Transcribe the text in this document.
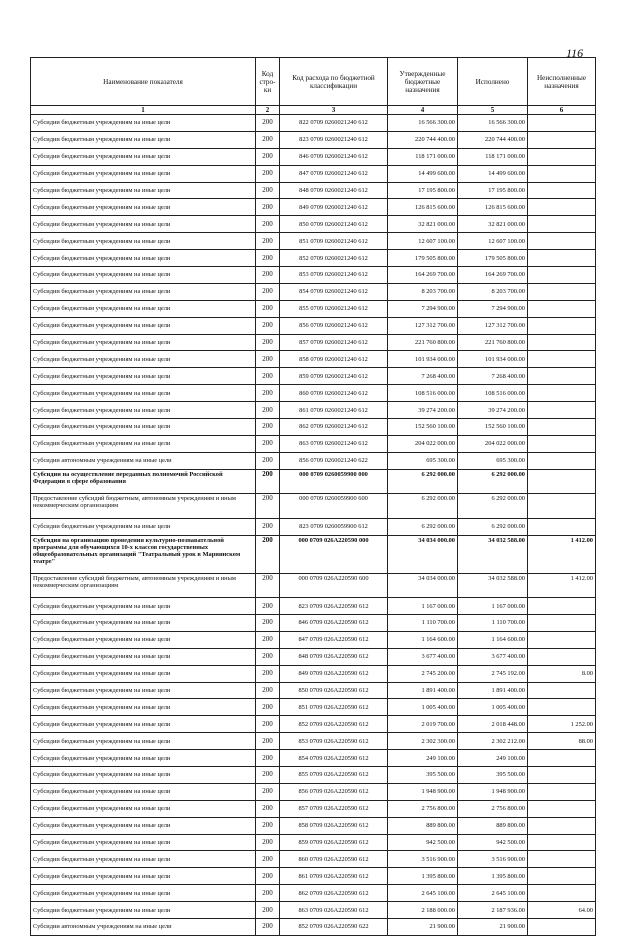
116
Наименование показателя	Код стро-ки	Код расхода по бюджетной классификации	Утвержденные бюджетные назначения	Исполнено	Неисполненные назначения
1	2	3	4	5	6
Субсидии бюджетным учреждениям на иные цели	200	822 0709 0260021240 612	16 566 300.00	16 566 300.00	
Субсидии бюджетным учреждениям на иные цели	200	823 0709 0260021240 612	220 744 400.00	220 744 400.00	
Субсидии бюджетным учреждениям на иные цели	200	846 0709 0260021240 612	118 171 000.00	118 171 000.00	
Субсидии бюджетным учреждениям на иные цели	200	847 0709 0260021240 612	14 499 600.00	14 499 600.00	
Субсидии бюджетным учреждениям на иные цели	200	848 0709 0260021240 612	17 195 800.00	17 195 800.00	
Субсидии бюджетным учреждениям на иные цели	200	849 0709 0260021240 612	126 815 600.00	126 815 600.00	
Субсидии бюджетным учреждениям на иные цели	200	850 0709 0260021240 612	32 821 000.00	32 821 000.00	
Субсидии бюджетным учреждениям на иные цели	200	851 0709 0260021240 612	12 607 100.00	12 607 100.00	
Субсидии бюджетным учреждениям на иные цели	200	852 0709 0260021240 612	179 505 800.00	179 505 800.00	
Субсидии бюджетным учреждениям на иные цели	200	853 0709 0260021240 612	164 269 700.00	164 269 700.00	
Субсидии бюджетным учреждениям на иные цели	200	854 0709 0260021240 612	8 203 700.00	8 203 700.00	
Субсидии бюджетным учреждениям на иные цели	200	855 0709 0260021240 612	7 294 900.00	7 294 900.00	
Субсидии бюджетным учреждениям на иные цели	200	856 0709 0260021240 612	127 312 700.00	127 312 700.00	
Субсидии бюджетным учреждениям на иные цели	200	857 0709 0260021240 612	221 760 800.00	221 760 800.00	
Субсидии бюджетным учреждениям на иные цели	200	858 0709 0260021240 612	101 934 000.00	101 934 000.00	
Субсидии бюджетным учреждениям на иные цели	200	859 0709 0260021240 612	7 268 400.00	7 268 400.00	
Субсидии бюджетным учреждениям на иные цели	200	860 0709 0260021240 612	108 516 000.00	108 516 000.00	
Субсидии бюджетным учреждениям на иные цели	200	861 0709 0260021240 612	39 274 200.00	39 274 200.00	
Субсидии бюджетным учреждениям на иные цели	200	862 0709 0260021240 612	152 560 100.00	152 560 100.00	
Субсидии бюджетным учреждениям на иные цели	200	863 0709 0260021240 612	204 022 000.00	204 022 000.00	
Субсидии автономным учреждениям на иные цели	200	856 0709 0260021240 622	695 300.00	695 300.00	
Субсидии на осуществление переданных полномочий Российской Федерации в сфере образования	200	000 0709 0260059900 000	6 292 000.00	6 292 000.00	
Предоставление субсидий бюджетным, автономным учреждениям и иным некоммерческим организациям	200	000 0709 0260059900 600	6 292 000.00	6 292 000.00	
Субсидии бюджетным учреждениям на иные цели	200	823 0709 0260059900 612	6 292 000.00	6 292 000.00	
Субсидия на организацию проведения культурно-познавательной программы для обучающихся 10-х классов государственных общеобразовательных организаций "Театральный урок в Мариинском театре"	200	000 0709 026А220590 000	34 034 000.00	34 032 588.00	1 412.00
Предоставление субсидий бюджетным, автономным учреждениям и иным некоммерческим организациям	200	000 0709 026А220590 600	34 034 000.00	34 032 588.00	1 412.00
Субсидии бюджетным учреждениям на иные цели	200	823 0709 026А220590 612	1 167 000.00	1 167 000.00	
Субсидии бюджетным учреждениям на иные цели	200	846 0709 026А220590 612	1 110 700.00	1 110 700.00	
Субсидии бюджетным учреждениям на иные цели	200	847 0709 026А220590 612	1 164 600.00	1 164 600.00	
Субсидии бюджетным учреждениям на иные цели	200	848 0709 026А220590 612	3 677 400.00	3 677 400.00	
Субсидии бюджетным учреждениям на иные цели	200	849 0709 026А220590 612	2 745 200.00	2 745 192.00	8.00
Субсидии бюджетным учреждениям на иные цели	200	850 0709 026А220590 612	1 891 400.00	1 891 400.00	
Субсидии бюджетным учреждениям на иные цели	200	851 0709 026А220590 612	1 005 400.00	1 005 400.00	
Субсидии бюджетным учреждениям на иные цели	200	852 0709 026А220590 612	2 019 700.00	2 018 448.00	1 252.00
Субсидии бюджетным учреждениям на иные цели	200	853 0709 026А220590 612	2 302 300.00	2 302 212.00	88.00
Субсидии бюджетным учреждениям на иные цели	200	854 0709 026А220590 612	249 100.00	249 100.00	
Субсидии бюджетным учреждениям на иные цели	200	855 0709 026А220590 612	395 500.00	395 500.00	
Субсидии бюджетным учреждениям на иные цели	200	856 0709 026А220590 612	1 948 900.00	1 948 900.00	
Субсидии бюджетным учреждениям на иные цели	200	857 0709 026А220590 612	2 756 800.00	2 756 800.00	
Субсидии бюджетным учреждениям на иные цели	200	858 0709 026А220590 612	889 800.00	889 800.00	
Субсидии бюджетным учреждениям на иные цели	200	859 0709 026А220590 612	942 500.00	942 500.00	
Субсидии бюджетным учреждениям на иные цели	200	860 0709 026А220590 612	3 516 900.00	3 516 900.00	
Субсидии бюджетным учреждениям на иные цели	200	861 0709 026А220590 612	1 395 800.00	1 395 800.00	
Субсидии бюджетным учреждениям на иные цели	200	862 0709 026А220590 612	2 645 100.00	2 645 100.00	
Субсидии бюджетным учреждениям на иные цели	200	863 0709 026А220590 612	2 188 000.00	2 187 936.00	64.00
Субсидии автономным учреждениям на иные цели	200	852 0709 026А220590 622	21 900.00	21 900.00	
